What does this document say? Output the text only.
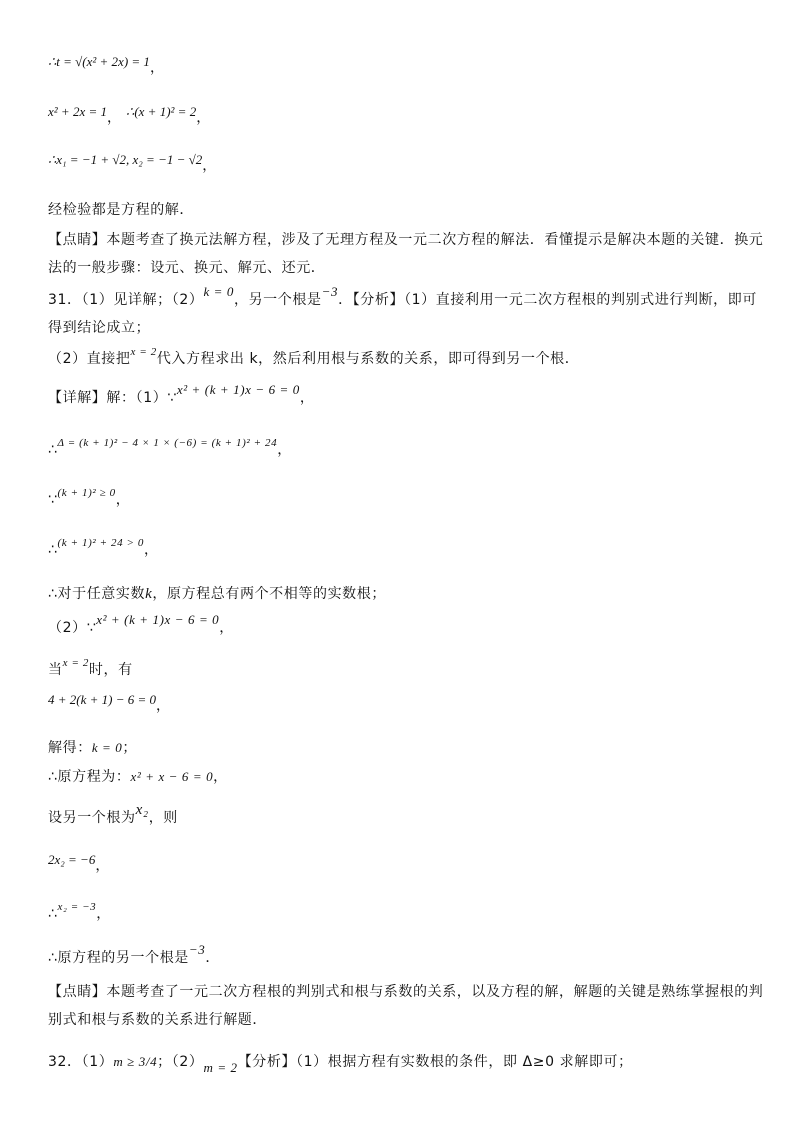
∴t = √(x² + 2x) = 1，
x² + 2x = 1， ∴(x + 1)² = 2，
∴x₁ = −1 + √2, x₂ = −1 − √2，
经检验都是方程的解．
【点睛】本题考查了换元法解方程，涉及了无理方程及一元二次方程的解法．看懂提示是解决本题的关键．换元
法的一般步骤：设元、换元、解元、还元．
31．（1）见详解；（2）k = 0，另一个根是−3．【分析】（1）直接利用一元二次方程根的判别式进行判断，即可
得到结论成立；
（2）直接把$^{x = 2}$代入方程求出 k，然后利用根与系数的关系，即可得到另一个根．
【详解】解：（1）∵x² + (k + 1)x − 6 = 0，
∴$^{\Delta = (k + 1)^2 - 4 \times 1 \times (-6) = (k + 1)^2 + 24}$，
∵$^{(k + 1)^2 \ge 0}$，
∴$^{(k + 1)^2 + 24 > 0}$，
∴对于任意实数k，原方程总有两个不相等的实数根；
（2）∵x² + (k + 1)x − 6 = 0，
当$^{x = 2}$时，有
4 + 2(k + 1) − 6 = 0，
解得：k = 0；
∴原方程为：x² + x − 6 = 0，
设另一个根为x₂，则
2x₂ = −6，
∴$^{x_2 = -3}$，
∴原方程的另一个根是−3．
【点睛】本题考查了一元二次方程根的判别式和根与系数的关系，以及方程的解，解题的关键是熟练掌握根的判
别式和根与系数的关系进行解题．
32．（1）m ≥ 3/4；（2）m = 2【分析】（1）根据方程有实数根的条件，即 Δ≥0 求解即可；
